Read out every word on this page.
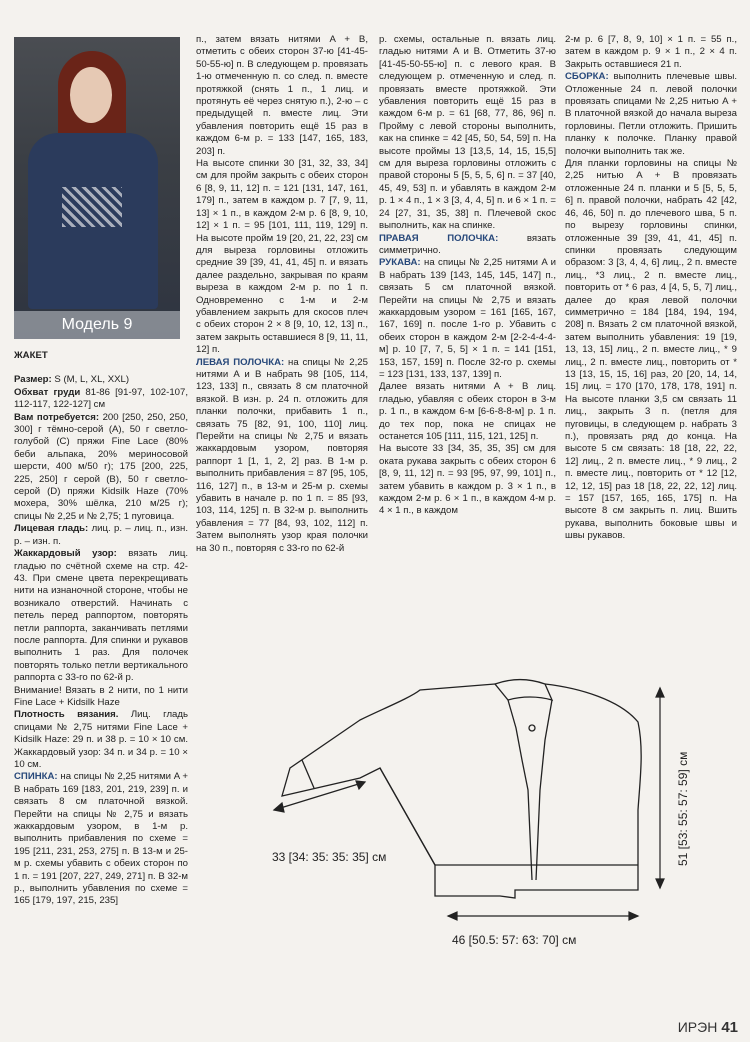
Модель 9

ЖАКЕТ

Размер: S (M, L, XL, XXL)

Обхват груди 81-86 [91-97, 102-107, 112-117, 122-127] см

Вам потребуется: 200 [250, 250, 250, 300] г тёмно-серой (A), 50 г светло-голубой (C) пряжи Fine Lace (80% беби альпака, 20% мериносовой шерсти, 400 м/50 г); 175 [200, 225, 225, 250] г серой (B), 50 г светло-серой (D) пряжи Kidsilk Haze (70% мохера, 30% шёлка, 210 м/25 г); спицы № 2,25 и № 2,75; 1 пуговица.

Лицевая гладь: лиц. р. – лиц. п., изн. р. – изн. п.

Жаккардовый узор: вязать лиц. гладью по счётной схеме на стр. 42-43. При смене цвета перекрещивать нити на изнаночной стороне, чтобы не возникало отверстий. Начинать с петель перед раппортом, повторять петли раппорта, заканчивать петлями после раппорта. Для спинки и рукавов выполнить 1 раз. Для полочек повторять только петли вертикального раппорта с 33-го по 62-й р.

Внимание! Вязать в 2 нити, по 1 нити Fine Lace + Kidsilk Haze

Плотность вязания. Лиц. гладь спицами № 2,75 нитями Fine Lace + Kidsilk Haze: 29 п. и 38 р. = 10 × 10 см. Жаккардовый узор: 34 п. и 34 р. = 10 × 10 см.

СПИНКА: на спицы № 2,25 нитями A + B набрать 169 [183, 201, 219, 239] п. и связать 8 см платочной вязкой. Перейти на спицы № 2,75 и вязать жаккардовым узором, в 1-м р. выполнить прибавления по схеме = 195 [211, 231, 253, 275] п. В 13-м и 25-м р. схемы убавить с обеих сторон по 1 п. = 191 [207, 227, 249, 271] п. В 32-м р., выполнить убавления по схеме = 165 [179, 197, 215, 235]

п., затем вязать нитями A + B, отметить с обеих сторон 37-ю [41-45-50-55-ю] п. В следующем р. провязать 1-ю отмеченную п. со след. п. вместе протяжкой (снять 1 п., 1 лиц. и протянуть её через снятую п.), 2-ю – с предыдущей п. вместе лиц. Эти убавления повторить ещё 15 раз в каждом 6-м р. = 133 [147, 165, 183, 203] п.

На высоте спинки 30 [31, 32, 33, 34] см для пройм закрыть с обеих сторон 6 [8, 9, 11, 12] п. = 121 [131, 147, 161, 179] п., затем в каждом р. 7 [7, 9, 11, 13] × 1 п., в каждом 2-м р. 6 [8, 9, 10, 12] × 1 п. = 95 [101, 111, 119, 129] п. На высоте пройм 19 [20, 21, 22, 23] см для выреза горловины отложить средние 39 [39, 41, 41, 45] п. и вязать далее раздельно, закрывая по краям выреза в каждом 2-м р. по 1 п. Одновременно с 1-м и 2-м убавлением закрыть для скосов плеч с обеих сторон 2 × 8 [9, 10, 12, 13] п., затем закрыть оставшиеся 8 [9, 11, 11, 12] п.

ЛЕВАЯ ПОЛОЧКА: на спицы № 2,25 нитями A и B набрать 98 [105, 114, 123, 133] п., связать 8 см платочной вязкой. В изн. р. 24 п. отложить для планки полочки, прибавить 1 п., связать 75 [82, 91, 100, 110] лиц. Перейти на спицы № 2,75 и вязать жаккардовым узором, повторяя раппорт 1 [1, 1, 2, 2] раз. В 1-м р. выполнить прибавления = 87 [95, 105, 116, 127] п., в 13-м и 25-м р. схемы убавить в начале р. по 1 п. = 85 [93, 103, 114, 125] п. В 32-м р. выполнить убавления = 77 [84, 93, 102, 112] п. Затем выполнять узор края полочки на 30 п., повторяя с 33-го по 62-й

р. схемы, остальные п. вязать лиц. гладью нитями A и B. Отметить 37-ю [41-45-50-55-ю] п. с левого края. В следующем р. отмеченную и след. п. провязать вместе протяжкой. Эти убавления повторить ещё 15 раз в каждом 6-м р. = 61 [68, 77, 86, 96] п. Пройму с левой стороны выполнить, как на спинке = 42 [45, 50, 54, 59] п. На высоте проймы 13 [13,5, 14, 15, 15,5] см для выреза горловины отложить с правой стороны 5 [5, 5, 5, 6] п. = 37 [40, 45, 49, 53] п. и убавлять в каждом 2-м р. 1 × 4 п., 1 × 3 [3, 4, 4, 5] п. и 6 × 1 п. = 24 [27, 31, 35, 38] п. Плечевой скос выполнить, как на спинке.

ПРАВАЯ ПОЛОЧКА: вязать симметрично.

РУКАВА: на спицы № 2,25 нитями A и B набрать 139 [143, 145, 145, 147] п., связать 5 см платочной вязкой. Перейти на спицы № 2,75 и вязать жаккардовым узором = 161 [165, 167, 167, 169] п. после 1-го р. Убавить с обеих сторон в каждом 2-м [2-2-4-4-4-м] р. 10 [7, 7, 5, 5] × 1 п. = 141 [151, 153, 157, 159] п. После 32-го р. схемы = 123 [131, 133, 137, 139] п.

Далее вязать нитями A + B лиц. гладью, убавляя с обеих сторон в 3-м р. 1 п., в каждом 6-м [6-6-8-8-м] р. 1 п. до тех пор, пока не спицах не останется 105 [111, 115, 121, 125] п.

На высоте 33 [34, 35, 35, 35] см для оката рукава закрыть с обеих сторон 6 [8, 9, 11, 12] п. = 93 [95, 97, 99, 101] п., затем убавить в каждом р. 3 × 1 п., в каждом 2-м р. 6 × 1 п., в каждом 4-м р. 4 × 1 п., в каждом

2-м р. 6 [7, 8, 9, 10] × 1 п. = 55 п., затем в каждом р. 9 × 1 п., 2 × 4 п. Закрыть оставшиеся 21 п.

СБОРКА: выполнить плечевые швы. Отложенные 24 п. левой полочки провязать спицами № 2,25 нитью A + B платочной вязкой до начала выреза горловины. Петли отложить. Пришить планку к полочке. Планку правой полочки выполнить так же.

Для планки горловины на спицы № 2,25 нитью A + B провязать отложенные 24 п. планки и 5 [5, 5, 5, 6] п. правой полочки, набрать 42 [42, 46, 46, 50] п. до плечевого шва, 5 п. по вырезу горловины спинки, отложенные 39 [39, 41, 41, 45] п. спинки провязать следующим образом: 3 [3, 4, 4, 6] лиц., 2 п. вместе лиц., *3 лиц., 2 п. вместе лиц., повторить от * 6 раз, 4 [4, 5, 5, 7] лиц., далее до края левой полочки симметрично = 184 [184, 194, 194, 208] п. Вязать 2 см платочной вязкой, затем выполнить убавления: 19 [19, 13, 13, 15] лиц., 2 п. вместе лиц., * 9 лиц., 2 п. вместе лиц., повторить от * 13 [13, 15, 15, 16] раз, 20 [20, 14, 14, 15] лиц. = 170 [170, 178, 178, 191] п. На высоте планки 3,5 см связать 11 лиц., закрыть 3 п. (петля для пуговицы, в следующем р. набрать 3 п.), провязать ряд до конца. На высоте 5 см связать: 18 [18, 22, 22, 12] лиц., 2 п. вместе лиц., * 9 лиц., 2 п. вместе лиц., повторить от * 12 [12, 12, 12, 15] раз 18 [18, 22, 22, 12] лиц. = 157 [157, 165, 165, 175] п. На высоте 8 см закрыть п. лиц. Вшить рукава, выполнить боковые швы и швы рукавов.

33 [34: 35: 35: 35] см
46 [50.5: 57: 63: 70] см
51 [53: 55: 57: 59] см
ИРЭН 41
